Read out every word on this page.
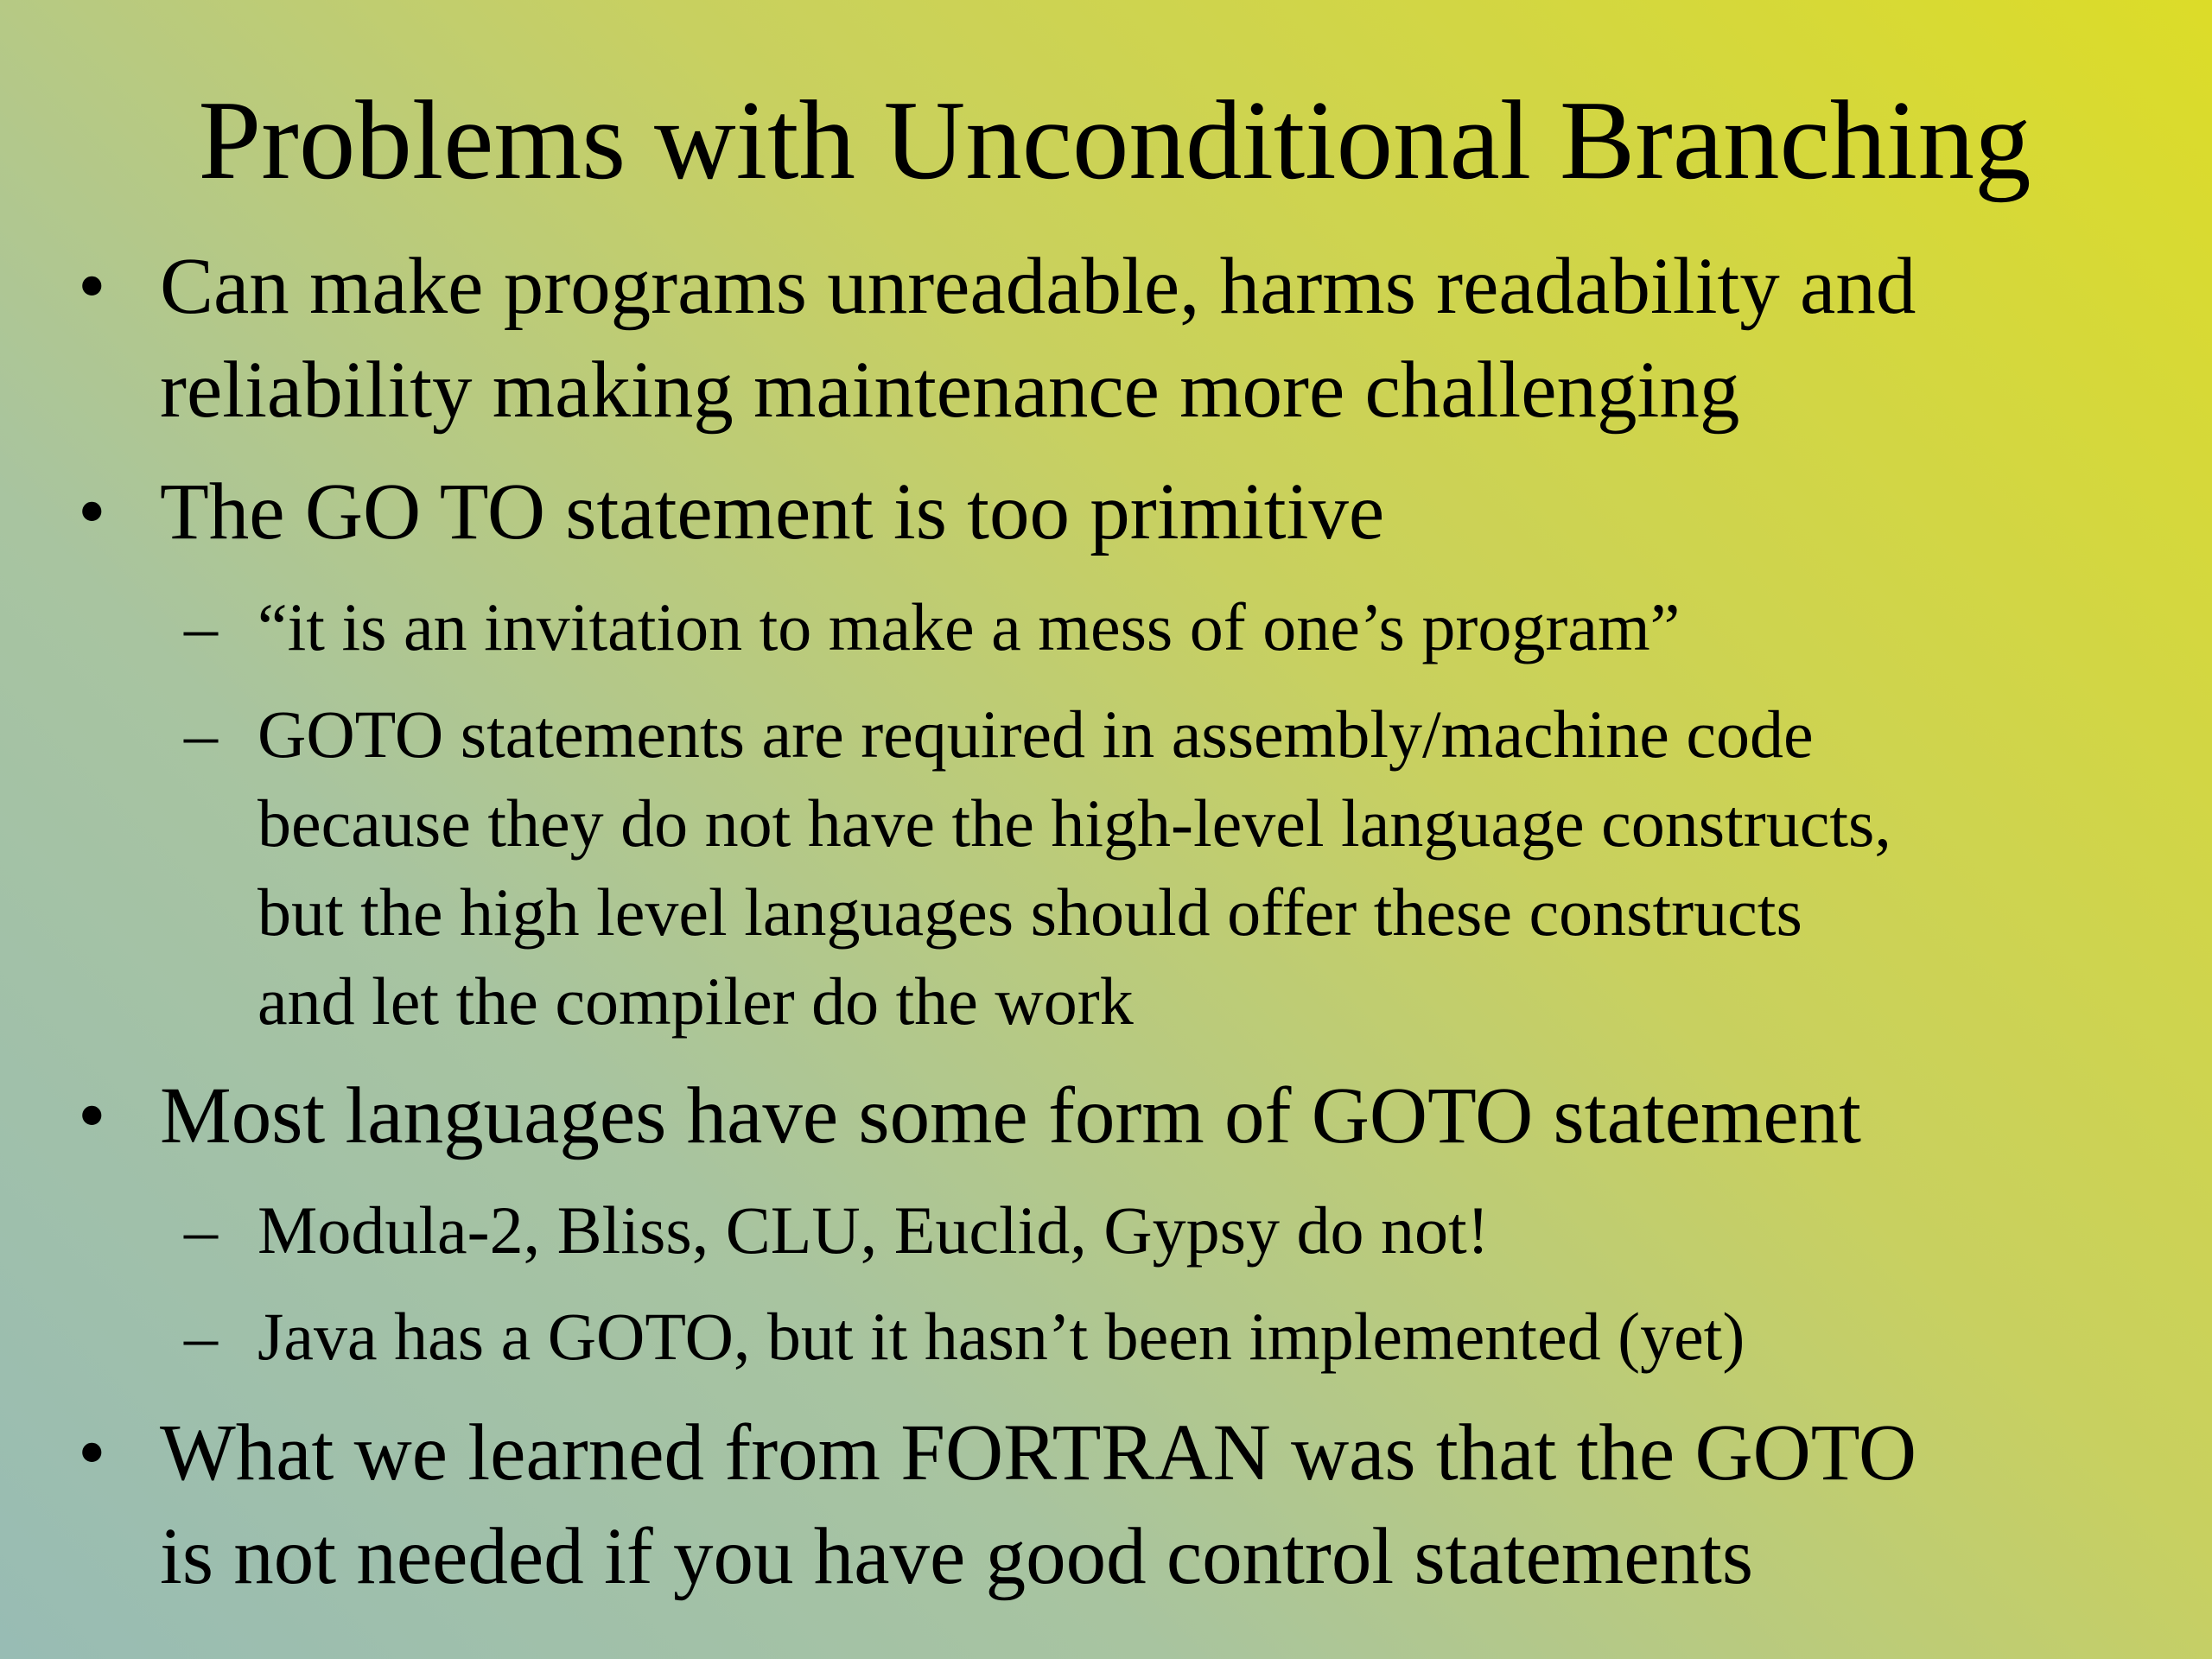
Problems with Unconditional Branching
• Can make programs unreadable, harms readability and
reliability making maintenance more challenging
• The GO TO statement is too primitive
– “it is an invitation to make a mess of one’s program”
– GOTO statements are required in assembly/machine code
because they do not have the high-level language constructs,
but the high level languages should offer these constructs
and let the compiler do the work
• Most languages have some form of GOTO statement
– Modula-2, Bliss, CLU, Euclid, Gypsy do not!
– Java has a GOTO, but it hasn’t been implemented (yet)
• What we learned from FORTRAN was that the GOTO
is not needed if you have good control statements
